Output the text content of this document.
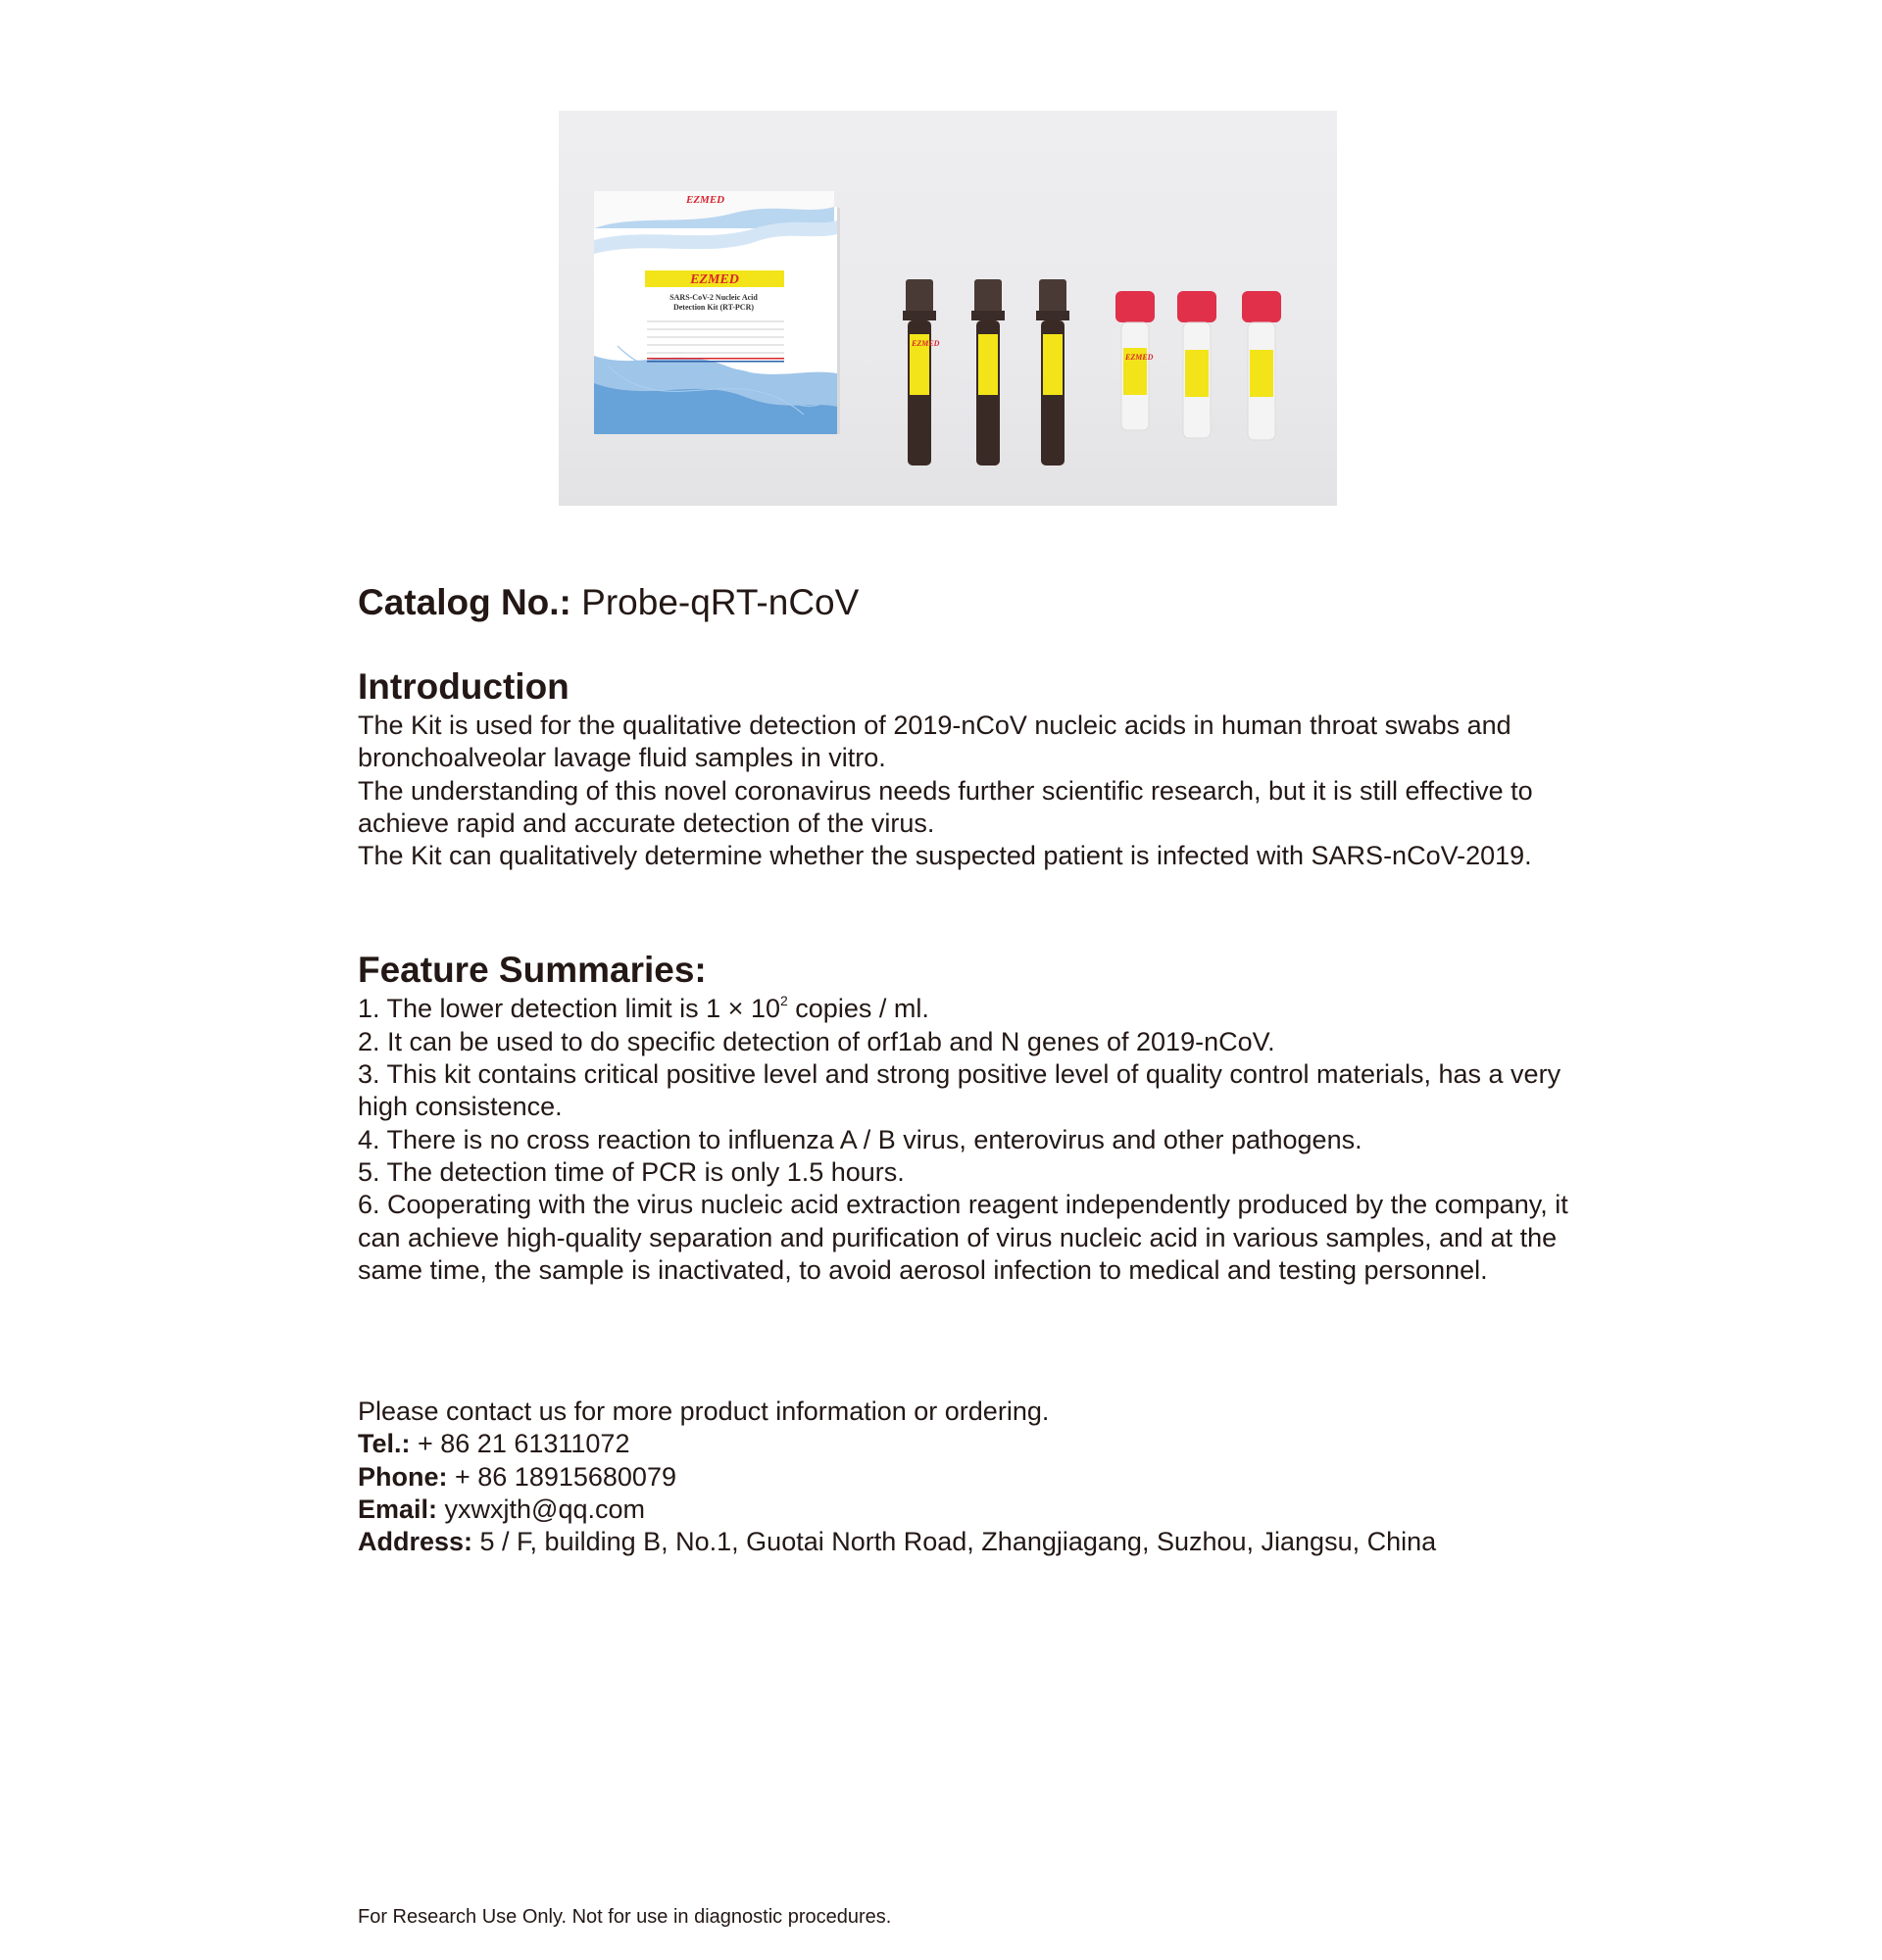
EZMED
EZMED
SARS-CoV-2 Nucleic Acid
Detection Kit (RT-PCR)
EZMED
EZMED

Catalog No.: Probe-qRT-nCoV

Introduction

The Kit is used for the qualitative detection of 2019-nCoV nucleic acids in human throat swabs and bronchoalveolar lavage fluid samples in vitro.

The understanding of this novel coronavirus needs further scientific research, but it is still effective to achieve rapid and accurate detection of the virus.

The Kit can qualitatively determine whether the suspected patient is infected with SARS-nCoV-2019.

Feature Summaries:

1. The lower detection limit is $1 \times 10^2$ copies / ml.

2. It can be used to do specific detection of orf1ab and N genes of 2019-nCoV.

3. This kit contains critical positive level and strong positive level of quality control materials, has a very high consistence.

4. There is no cross reaction to influenza A / B virus, enterovirus and other pathogens.

5. The detection time of PCR is only 1.5 hours.

6. Cooperating with the virus nucleic acid extraction reagent independently produced by the company, it can achieve high-quality separation and purification of virus nucleic acid in various samples, and at the same time, the sample is inactivated, to avoid aerosol infection to medical and testing personnel.

Please contact us for more product information or ordering.

Tel.: + 86 21 61311072

Phone: + 86 18915680079

Email: yxwxjth@qq.com

Address: 5 / F, building B, No.1, Guotai North Road, Zhangjiagang, Suzhou, Jiangsu, China

For Research Use Only. Not for use in diagnostic procedures.
